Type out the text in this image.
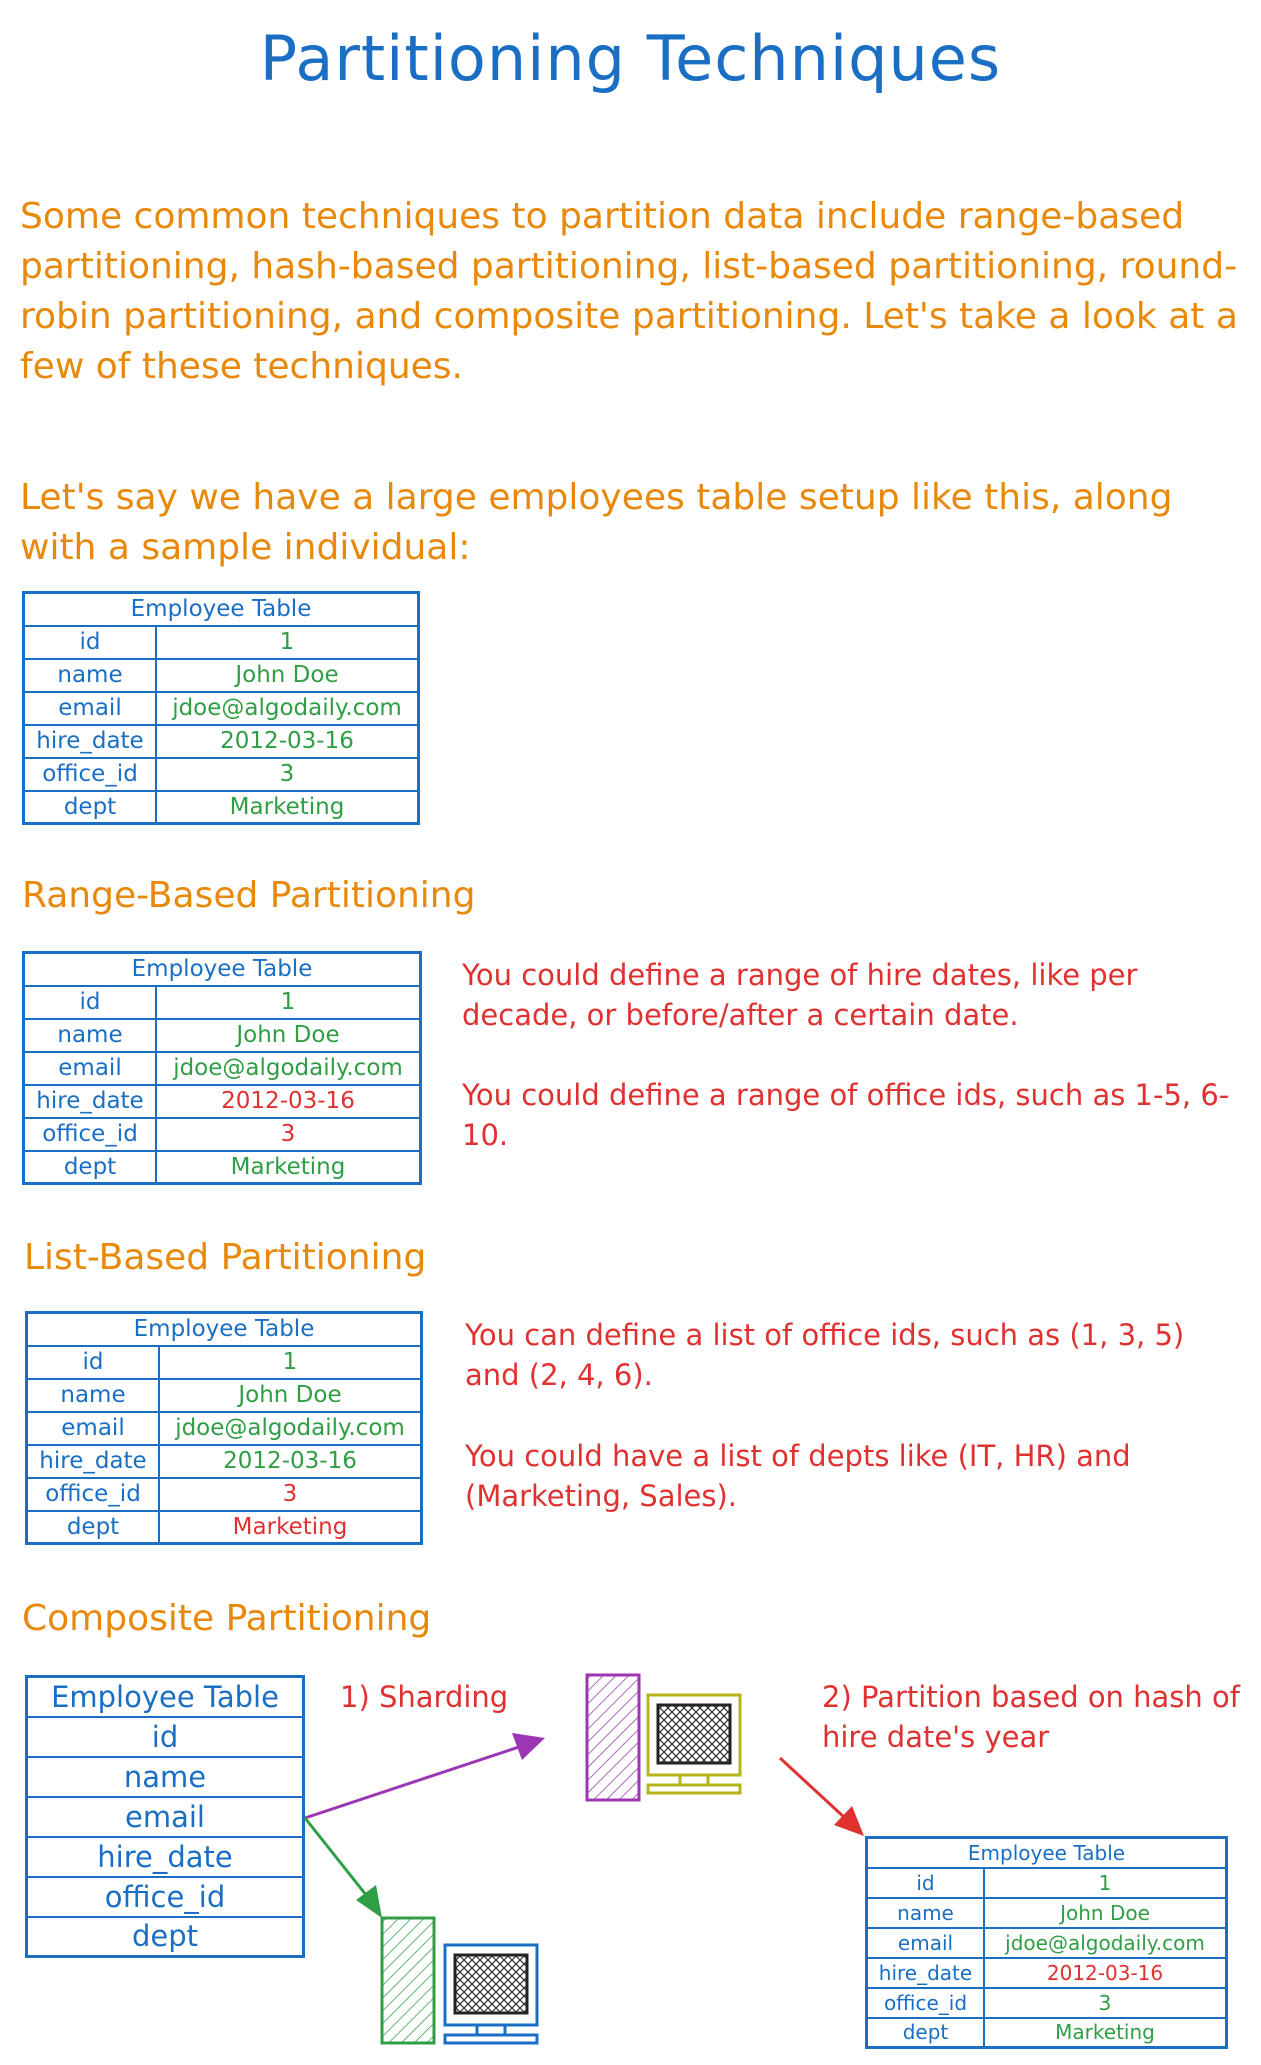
Partitioning Techniques
Some common techniques to partition data include range-based partitioning, hash-based partitioning, list-based partitioning, round-robin partitioning, and composite partitioning. Let's take a look at a few of these techniques.
Let's say we have a large employees table setup like this, along with a sample individual:
Employee Table	
id	1
name	John Doe
email	jdoe@algodaily.com
hire_date	2012-03-16
office_id	3
dept	Marketing
Range-Based Partitioning
Employee Table	
id	1
name	John Doe
email	jdoe@algodaily.com
hire_date	2012-03-16
office_id	3
dept	Marketing
You could define a range of hire dates, like per decade, or before/after a certain date.
You could define a range of office ids, such as 1-5, 6-10.
List-Based Partitioning
Employee Table	
id	1
name	John Doe
email	jdoe@algodaily.com
hire_date	2012-03-16
office_id	3
dept	Marketing
You can define a list of office ids, such as (1, 3, 5) and (2, 4, 6).
You could have a list of depts like (IT, HR) and (Marketing, Sales).
Composite Partitioning
Employee Table
id
name
email
hire_date
office_id
dept
1) Sharding	2) Partition based on hash of hire date's year
Employee Table	
id	1
name	John Doe
email	jdoe@algodaily.com
hire_date	2012-03-16
office_id	3
dept	Marketing
